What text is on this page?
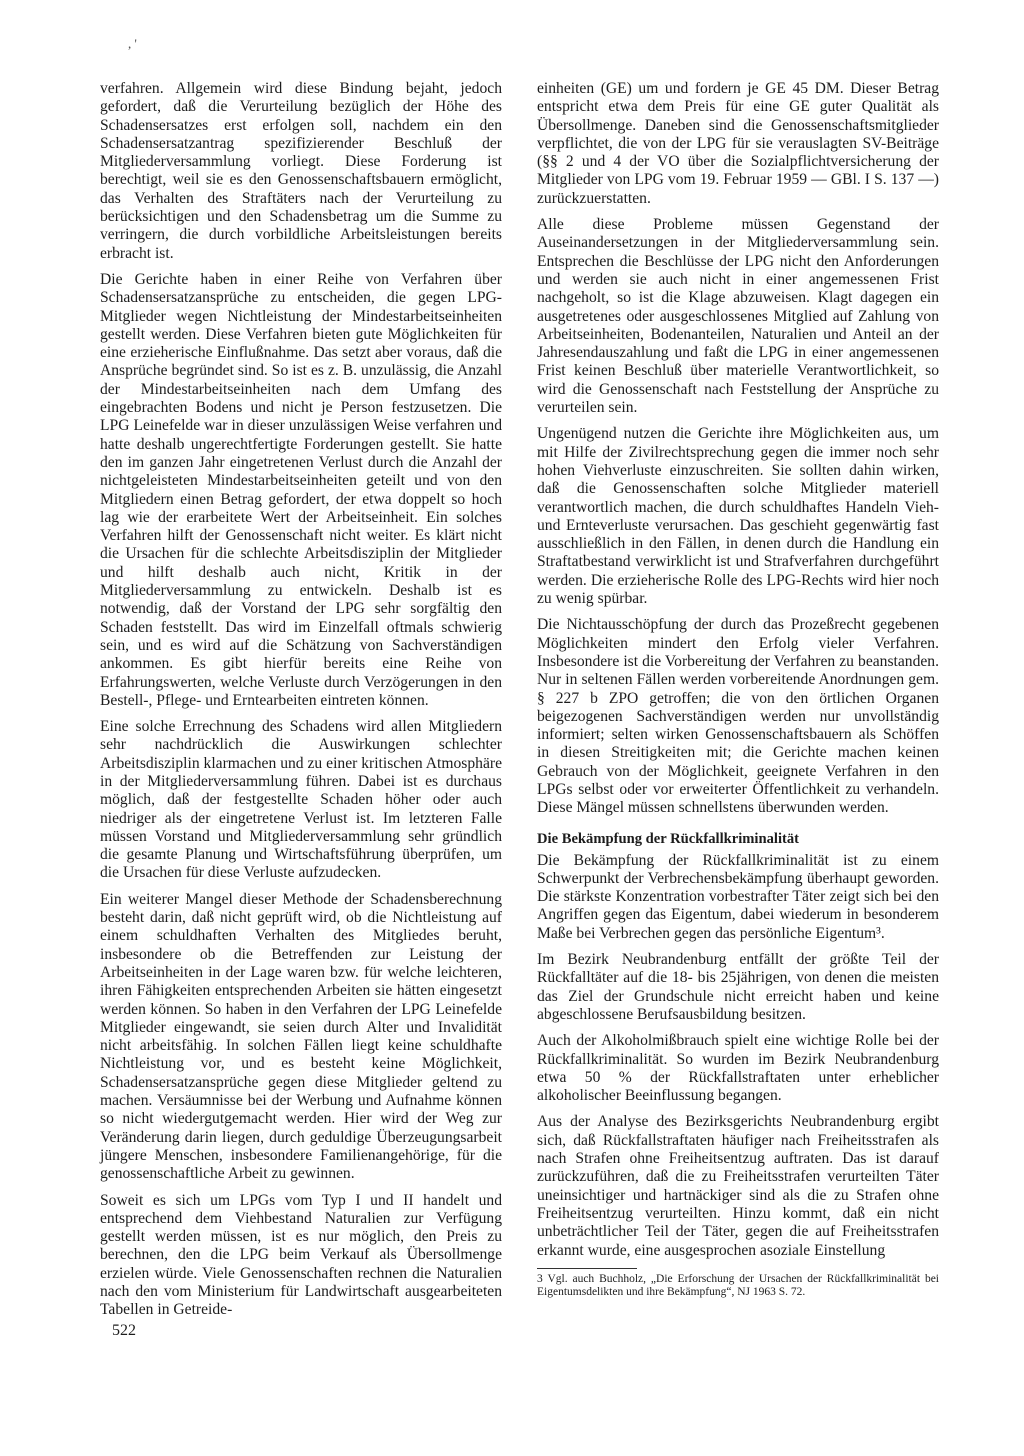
, '

verfahren. Allgemein wird diese Bindung bejaht, jedoch gefordert, daß die Verurteilung bezüglich der Höhe des Schadensersatzes erst erfolgen soll, nachdem ein den Schadensersatzantrag spezifizierender Beschluß der Mitgliederversammlung vorliegt. Diese Forderung ist berechtigt, weil sie es den Genossenschaftsbauern ermöglicht, das Verhalten des Straftäters nach der Verurteilung zu berücksichtigen und den Schadensbetrag um die Summe zu verringern, die durch vorbildliche Arbeitsleistungen bereits erbracht ist.

Die Gerichte haben in einer Reihe von Verfahren über Schadensersatzansprüche zu entscheiden, die gegen LPG-Mitglieder wegen Nichtleistung der Mindestarbeitseinheiten gestellt werden. Diese Verfahren bieten gute Möglichkeiten für eine erzieherische Einflußnahme. Das setzt aber voraus, daß die Ansprüche begründet sind. So ist es z. B. unzulässig, die Anzahl der Mindestarbeitseinheiten nach dem Umfang des eingebrachten Bodens und nicht je Person festzusetzen. Die LPG Leinefelde war in dieser unzulässigen Weise verfahren und hatte deshalb ungerechtfertigte Forderungen gestellt. Sie hatte den im ganzen Jahr eingetretenen Verlust durch die Anzahl der nichtgeleisteten Mindestarbeitseinheiten geteilt und von den Mitgliedern einen Betrag gefordert, der etwa doppelt so hoch lag wie der erarbeitete Wert der Arbeitseinheit. Ein solches Verfahren hilft der Genossenschaft nicht weiter. Es klärt nicht die Ursachen für die schlechte Arbeitsdisziplin der Mitglieder und hilft deshalb auch nicht, Kritik in der Mitgliederversammlung zu entwickeln. Deshalb ist es notwendig, daß der Vorstand der LPG sehr sorgfältig den Schaden feststellt. Das wird im Einzelfall oftmals schwierig sein, und es wird auf die Schätzung von Sachverständigen ankommen. Es gibt hierfür bereits eine Reihe von Erfahrungswerten, welche Verluste durch Verzögerungen in den Bestell-, Pflege- und Erntearbeiten eintreten können.

Eine solche Errechnung des Schadens wird allen Mitgliedern sehr nachdrücklich die Auswirkungen schlechter Arbeitsdisziplin klarmachen und zu einer kritischen Atmosphäre in der Mitgliederversammlung führen. Dabei ist es durchaus möglich, daß der festgestellte Schaden höher oder auch niedriger als der eingetretene Verlust ist. Im letzteren Falle müssen Vorstand und Mitgliederversammlung sehr gründlich die gesamte Planung und Wirtschaftsführung überprüfen, um die Ursachen für diese Verluste aufzudecken.

Ein weiterer Mangel dieser Methode der Schadensberechnung besteht darin, daß nicht geprüft wird, ob die Nichtleistung auf einem schuldhaften Verhalten des Mitgliedes beruht, insbesondere ob die Betreffenden zur Leistung der Arbeitseinheiten in der Lage waren bzw. für welche leichteren, ihren Fähigkeiten entsprechenden Arbeiten sie hätten eingesetzt werden können. So haben in den Verfahren der LPG Leinefelde Mitglieder eingewandt, sie seien durch Alter und Invalidität nicht arbeitsfähig. In solchen Fällen liegt keine schuldhafte Nichtleistung vor, und es besteht keine Möglichkeit, Schadensersatzansprüche gegen diese Mitglieder geltend zu machen. Versäumnisse bei der Werbung und Aufnahme können so nicht wiedergutgemacht werden. Hier wird der Weg zur Veränderung darin liegen, durch geduldige Überzeugungsarbeit jüngere Menschen, insbesondere Familienangehörige, für die genossenschaftliche Arbeit zu gewinnen.

Soweit es sich um LPGs vom Typ I und II handelt und entsprechend dem Viehbestand Naturalien zur Verfügung gestellt werden müssen, ist es nur möglich, den Preis zu berechnen, den die LPG beim Verkauf als Übersollmenge erzielen würde. Viele Genossenschaften rechnen die Naturalien nach den vom Ministerium für Landwirtschaft ausgearbeiteten Tabellen in Getreide-

einheiten (GE) um und fordern je GE 45 DM. Dieser Betrag entspricht etwa dem Preis für eine GE guter Qualität als Übersollmenge. Daneben sind die Genossenschaftsmitglieder verpflichtet, die von der LPG für sie verauslagten SV-Beiträge (§§ 2 und 4 der VO über die Sozialpflichtversicherung der Mitglieder von LPG vom 19. Februar 1959 — GBl. I S. 137 —) zurückzuerstatten.

Alle diese Probleme müssen Gegenstand der Auseinandersetzungen in der Mitgliederversammlung sein. Entsprechen die Beschlüsse der LPG nicht den Anforderungen und werden sie auch nicht in einer angemessenen Frist nachgeholt, so ist die Klage abzuweisen. Klagt dagegen ein ausgetretenes oder ausgeschlossenes Mitglied auf Zahlung von Arbeitseinheiten, Bodenanteilen, Naturalien und Anteil an der Jahresendauszahlung und faßt die LPG in einer angemessenen Frist keinen Beschluß über materielle Verantwortlichkeit, so wird die Genossenschaft nach Feststellung der Ansprüche zu verurteilen sein.

Ungenügend nutzen die Gerichte ihre Möglichkeiten aus, um mit Hilfe der Zivilrechtsprechung gegen die immer noch sehr hohen Viehverluste einzuschreiten. Sie sollten dahin wirken, daß die Genossenschaften solche Mitglieder materiell verantwortlich machen, die durch schuldhaftes Handeln Vieh- und Ernteverluste verursachen. Das geschieht gegenwärtig fast ausschließlich in den Fällen, in denen durch die Handlung ein Straftatbestand verwirklicht ist und Strafverfahren durchgeführt werden. Die erzieherische Rolle des LPG-Rechts wird hier noch zu wenig spürbar.

Die Nichtausschöpfung der durch das Prozeßrecht gegebenen Möglichkeiten mindert den Erfolg vieler Verfahren. Insbesondere ist die Vorbereitung der Verfahren zu beanstanden. Nur in seltenen Fällen werden vorbereitende Anordnungen gem. § 227 b ZPO getroffen; die von den örtlichen Organen beigezogenen Sachverständigen werden nur unvollständig informiert; selten wirken Genossenschaftsbauern als Schöffen in diesen Streitigkeiten mit; die Gerichte machen keinen Gebrauch von der Möglichkeit, geeignete Verfahren in den LPGs selbst oder vor erweiterter Öffentlichkeit zu verhandeln. Diese Mängel müssen schnellstens überwunden werden.

Die Bekämpfung der Rückfallkriminalität

Die Bekämpfung der Rückfallkriminalität ist zu einem Schwerpunkt der Verbrechensbekämpfung überhaupt geworden. Die stärkste Konzentration vorbestrafter Täter zeigt sich bei den Angriffen gegen das Eigentum, dabei wiederum in besonderem Maße bei Verbrechen gegen das persönliche Eigentum³.

Im Bezirk Neubrandenburg entfällt der größte Teil der Rückfalltäter auf die 18- bis 25jährigen, von denen die meisten das Ziel der Grundschule nicht erreicht haben und keine abgeschlossene Berufsausbildung besitzen.

Auch der Alkoholmißbrauch spielt eine wichtige Rolle bei der Rückfallkriminalität. So wurden im Bezirk Neubrandenburg etwa 50 % der Rückfallstraftaten unter erheblicher alkoholischer Beeinflussung begangen.

Aus der Analyse des Bezirksgerichts Neubrandenburg ergibt sich, daß Rückfallstraftaten häufiger nach Freiheitsstrafen als nach Strafen ohne Freiheitsentzug auftraten. Das ist darauf zurückzuführen, daß die zu Freiheitsstrafen verurteilten Täter uneinsichtiger und hartnäckiger sind als die zu Strafen ohne Freiheitsentzug verurteilten. Hinzu kommt, daß ein nicht unbeträchtlicher Teil der Täter, gegen die auf Freiheitsstrafen erkannt wurde, eine ausgesprochen asoziale Einstellung

3 Vgl. auch Buchholz, „Die Erforschung der Ursachen der Rückfallkriminalität bei Eigentumsdelikten und ihre Bekämpfung“, NJ 1963 S. 72.

522
